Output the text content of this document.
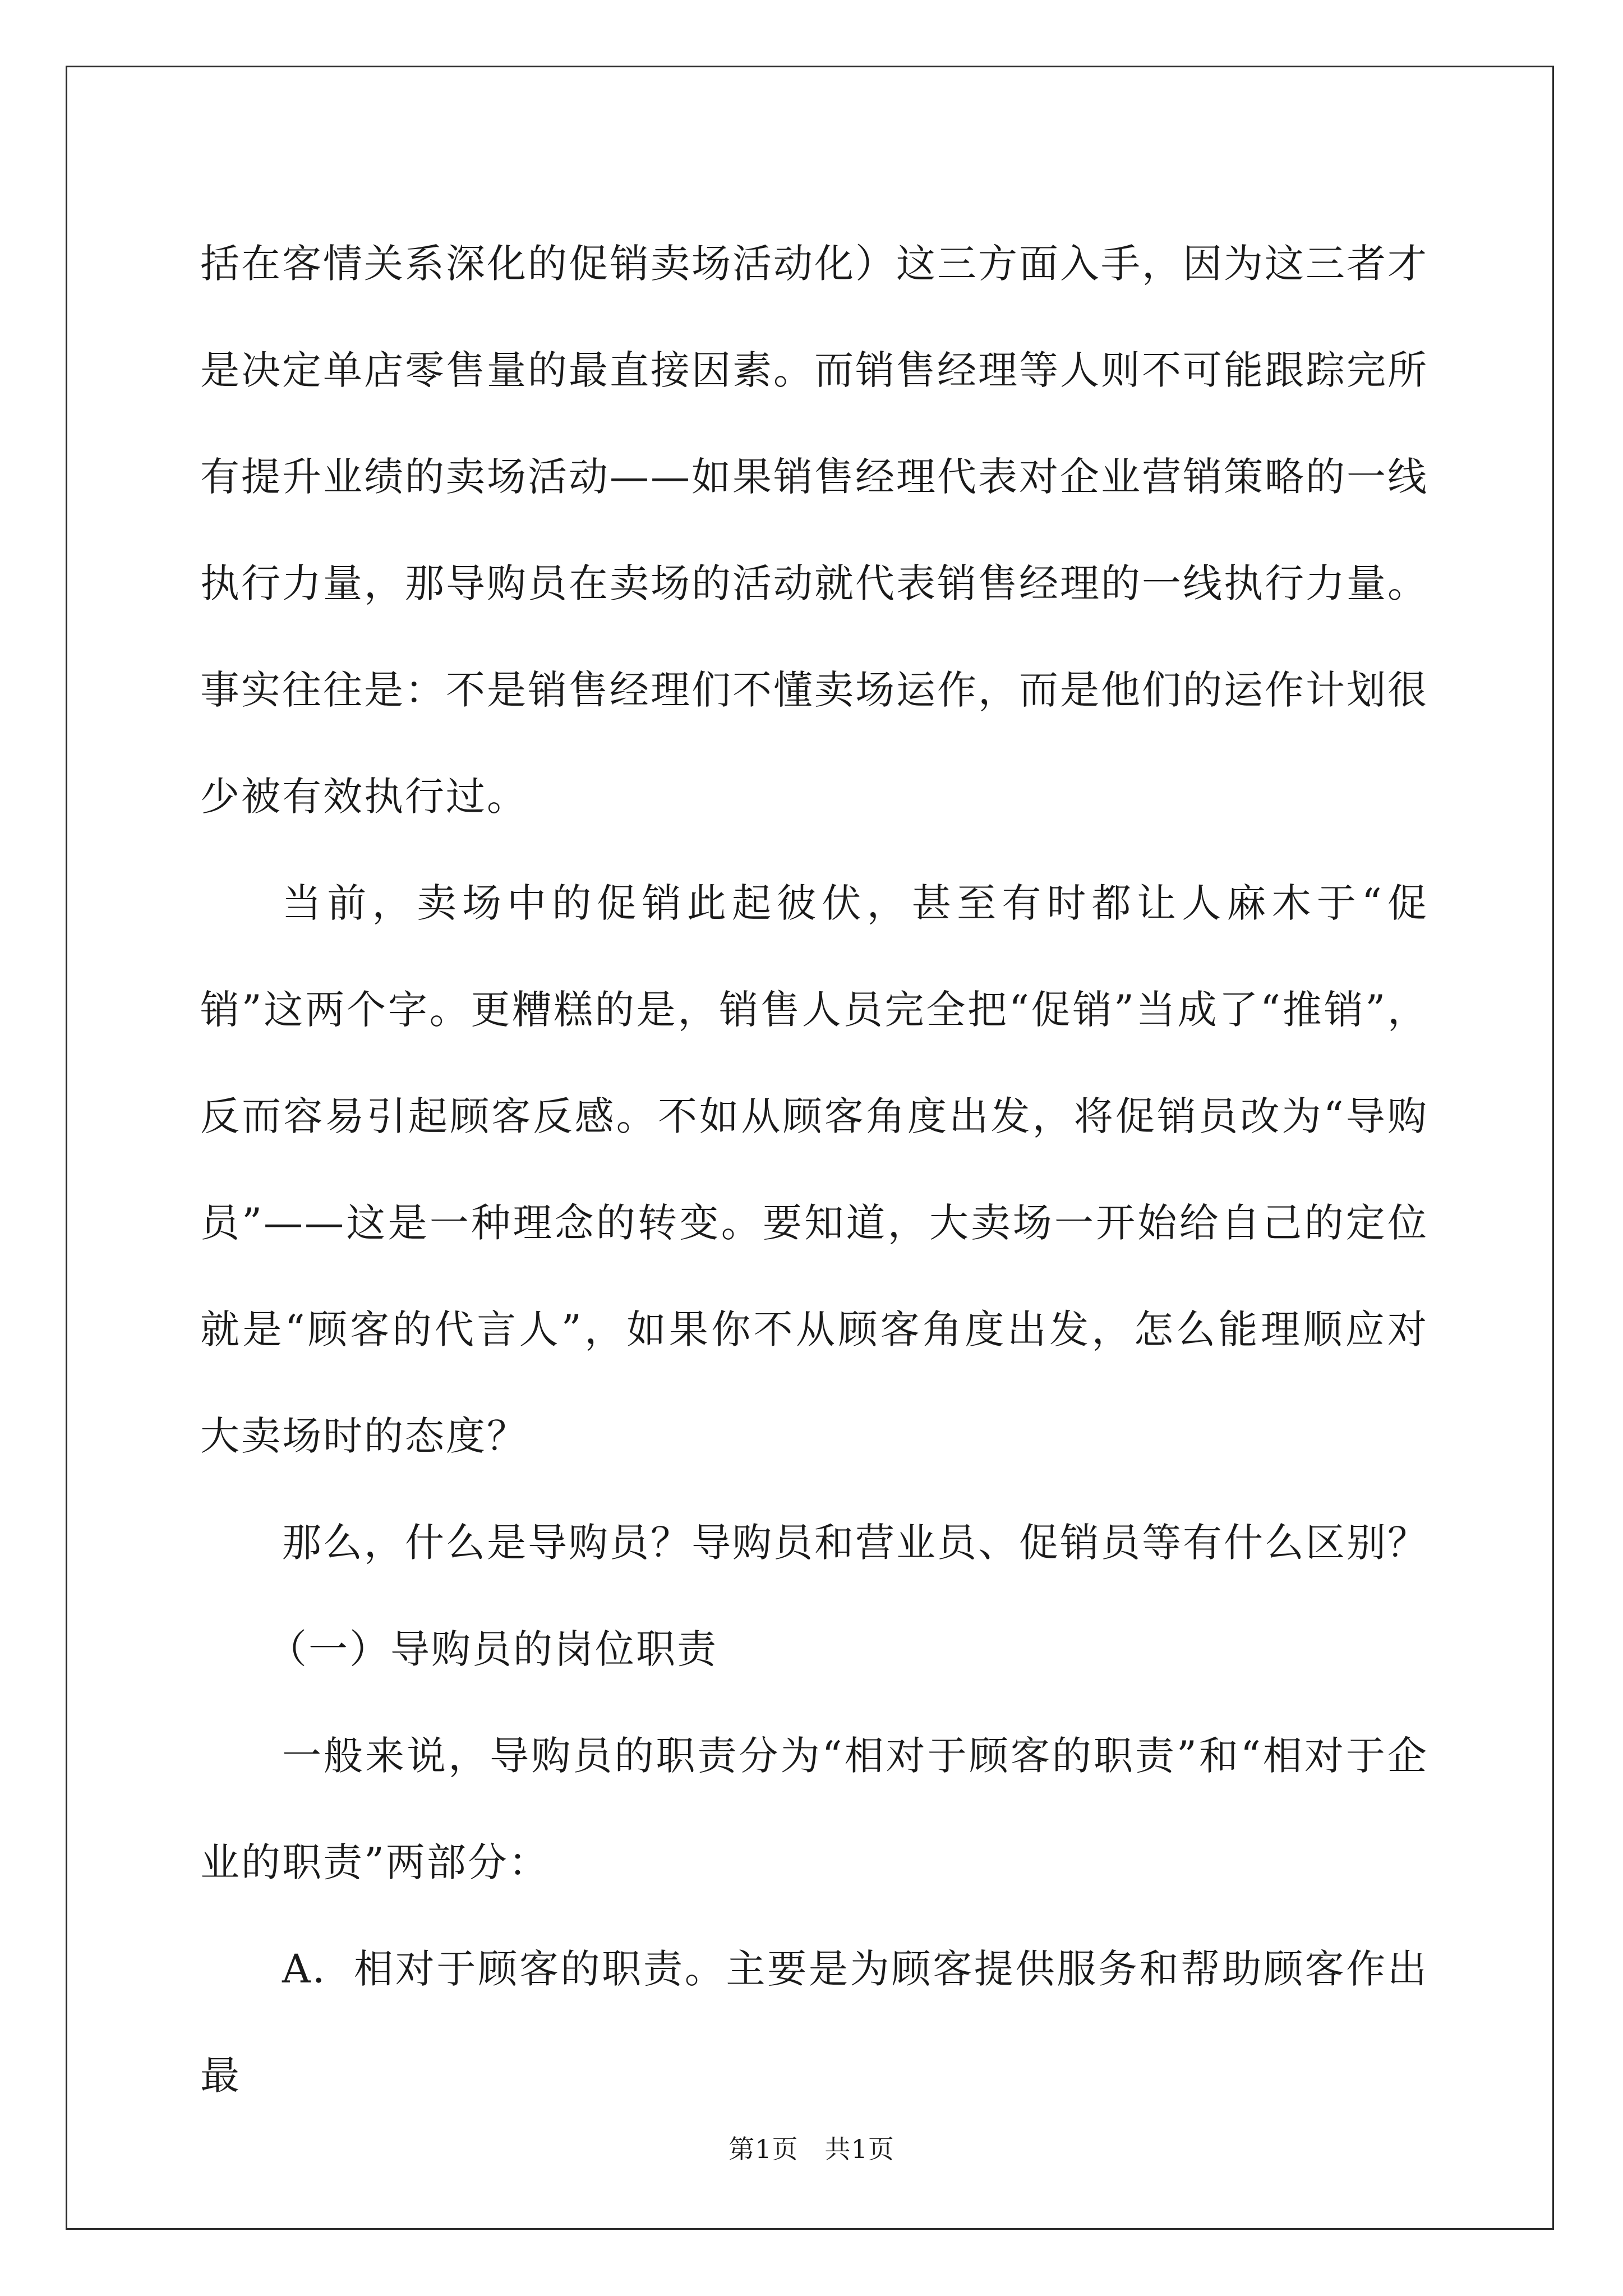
括在客情关系深化的促销卖场活动化）这三方面入手，因为这三者才是决定单店零售量的最直接因素。而销售经理等人则不可能跟踪完所有提升业绩的卖场活动——如果销售经理代表对企业营销策略的一线执行力量，那导购员在卖场的活动就代表销售经理的一线执行力量。事实往往是：不是销售经理们不懂卖场运作，而是他们的运作计划很少被有效执行过。

当前，卖场中的促销此起彼伏，甚至有时都让人麻木于“促销”这两个字。更糟糕的是，销售人员完全把“促销”当成了“推销”，反而容易引起顾客反感。不如从顾客角度出发，将促销员改为“导购员”——这是一种理念的转变。要知道，大卖场一开始给自己的定位就是“顾客的代言人”，如果你不从顾客角度出发，怎么能理顺应对大卖场时的态度？

那么，什么是导购员？导购员和营业员、促销员等有什么区别？

（一）导购员的岗位职责

一般来说，导购员的职责分为“相对于顾客的职责”和“相对于企业的职责”两部分：

A．相对于顾客的职责。主要是为顾客提供服务和帮助顾客作出最

第1页 共1页
